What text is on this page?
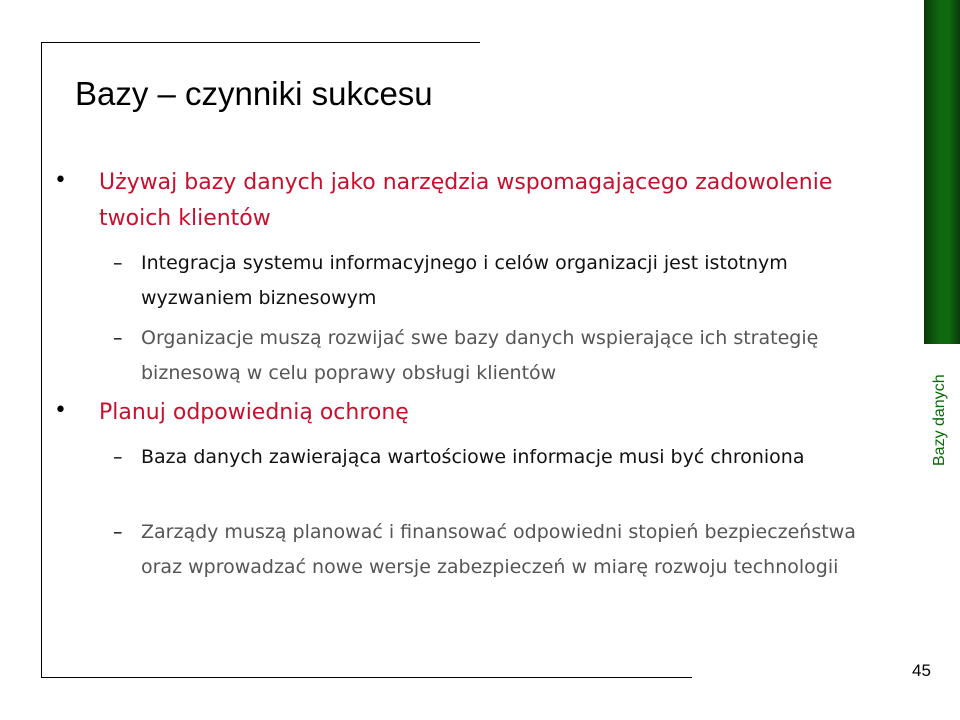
Bazy – czynniki sukcesu
Bazy danych
• Używaj bazy danych jako narzędzia wspomagającego zadowolenie twoich klientów
– Integracja systemu informacyjnego i celów organizacji jest istotnym wyzwaniem biznesowym
– Organizacje muszą rozwijać swe bazy danych wspierające ich strategię biznesową w celu poprawy obsługi klientów
• Planuj odpowiednią ochronę
– Baza danych zawierająca wartościowe informacje musi być chroniona
– Zarządy muszą planować i finansować odpowiedni stopień bezpieczeństwa oraz wprowadzać nowe wersje zabezpieczeń w miarę rozwoju technologii
45
